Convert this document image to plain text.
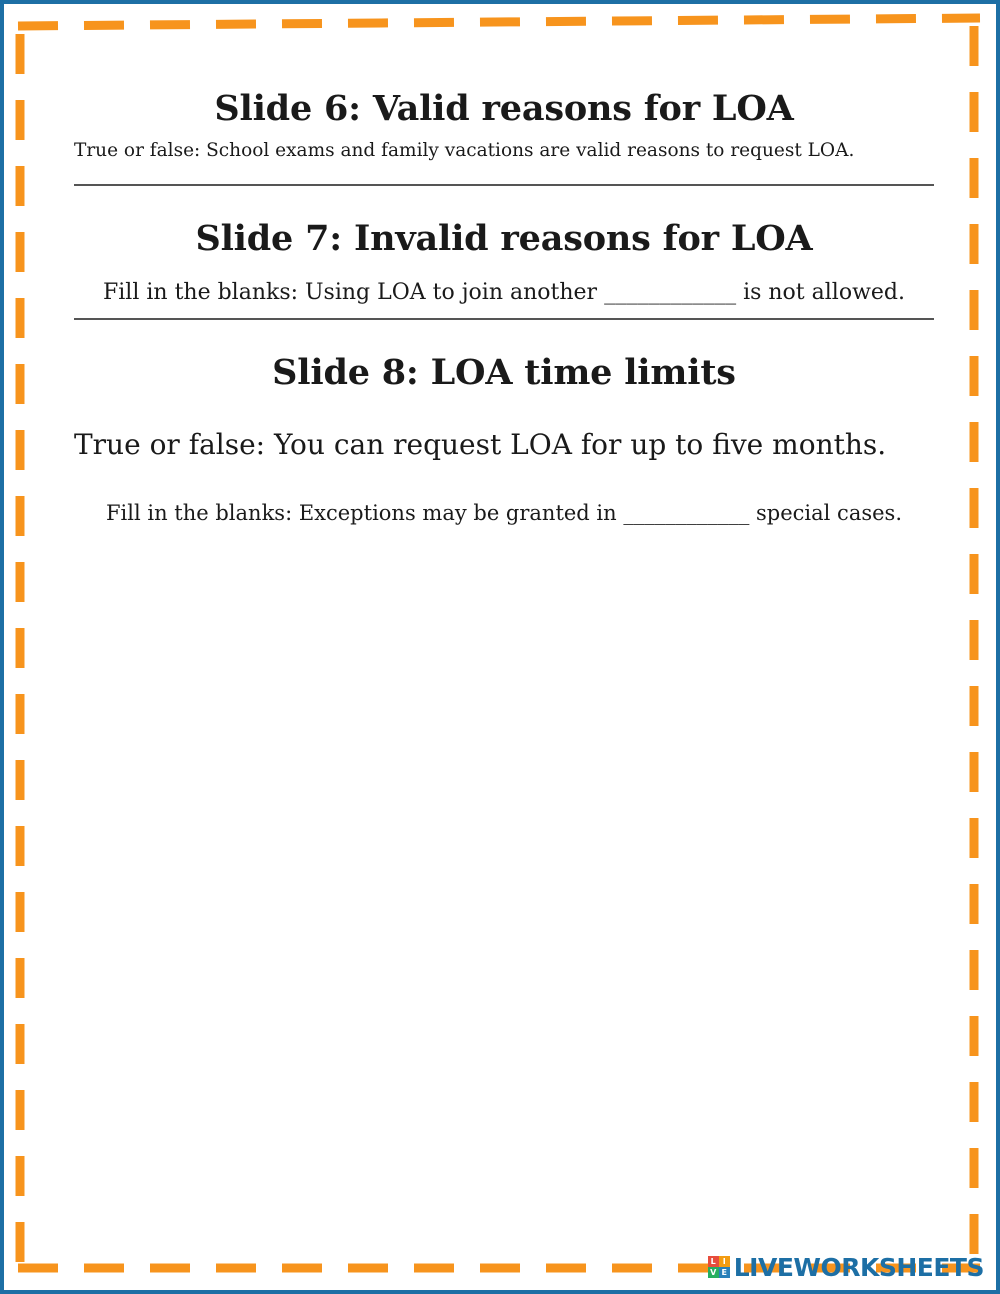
Slide 6: Valid reasons for LOA

True or false: School exams and family vacations are valid reasons to request LOA.

Slide 7: Invalid reasons for LOA

Fill in the blanks: Using LOA to join another ____________ is not allowed.

Slide 8: LOA time limits

True or false: You can request LOA for up to five months.

Fill in the blanks: Exceptions may be granted in ____________ special cases.

L I
V E LIVEWORKSHEETS
